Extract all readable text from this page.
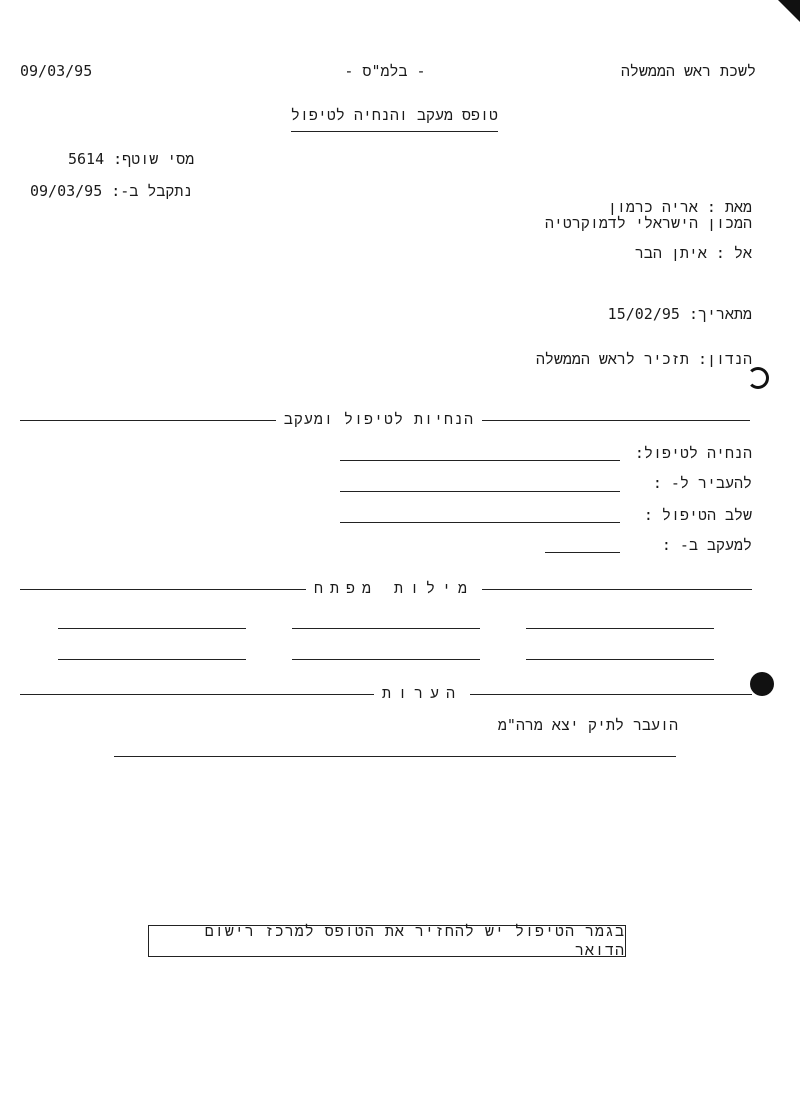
09/03/95	- בלמ"ס -	לשכת ראש הממשלה
טופס מעקב והנחיה לטיפול
5614 מסי שוטף:
09/03/95 נתקבל ב-:
מאת : אריה כרמון
המכון הישראלי לדמוקרטיה
אל : איתן הבר
מתאריך: 15/02/95
הנדון: תזכיר לראש הממשלה
הנחיות לטיפול ומעקב
הנחיה לטיפול:
להעביר ל- :
שלב הטיפול :
למעקב ב- :
מילות מפתח
הערות
הועבר לתיק יצא מרה"מ
בגמר הטיפול יש להחזיר את הטופס למרכז רישום הדואר
